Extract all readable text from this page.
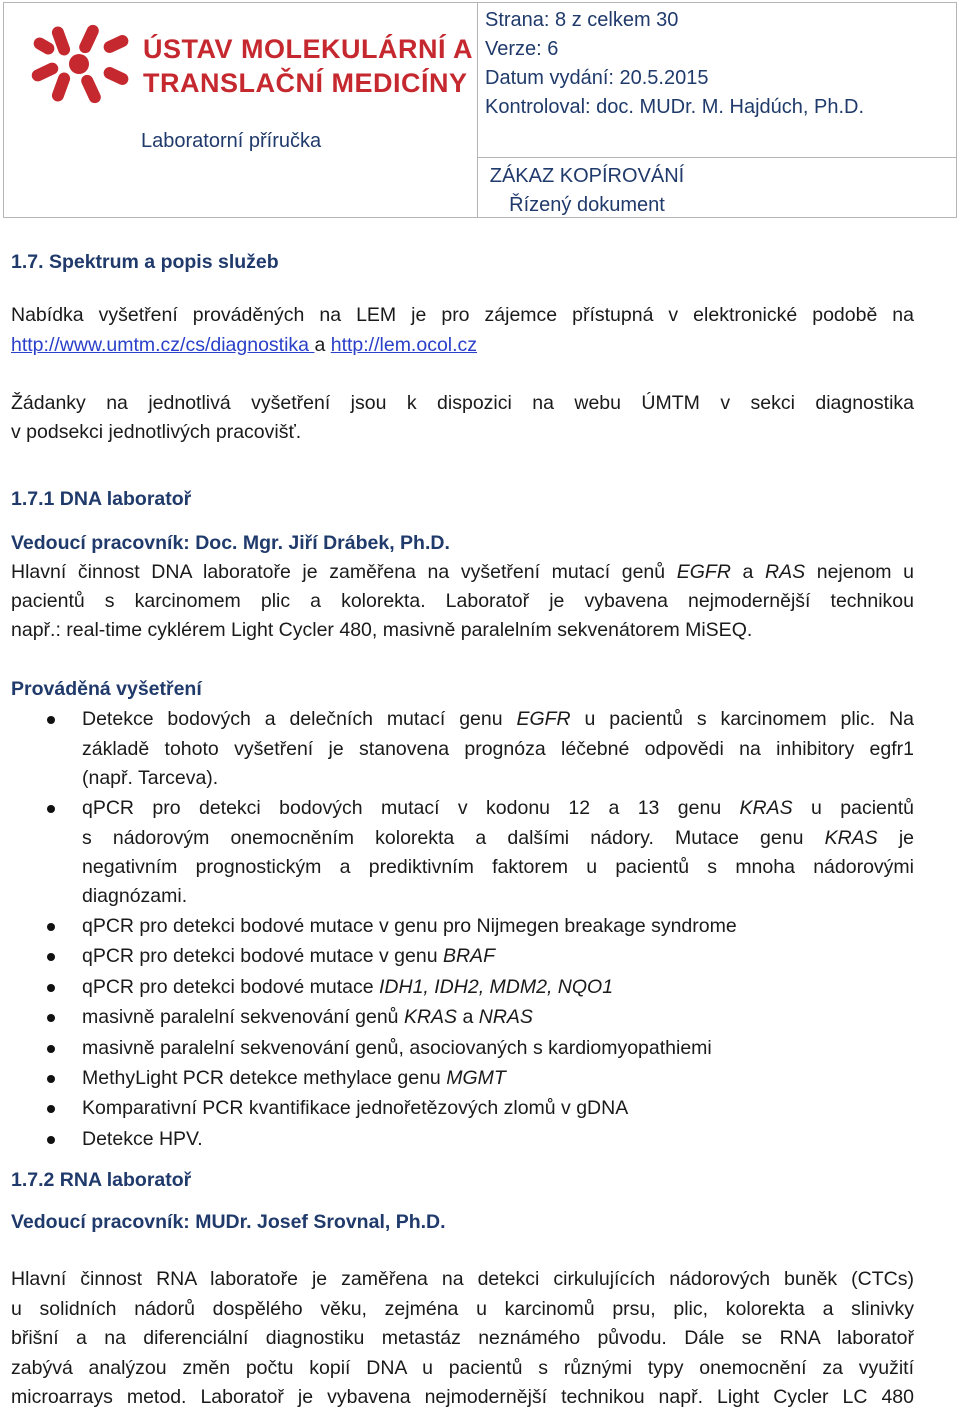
ÚSTAV MOLEKULÁRNÍ A
TRANSLAČNÍ MEDICÍNY
Laboratorní příručka
Strana: 8 z celkem 30
Verze: 6
Datum vydání: 20.5.2015
Kontroloval: doc. MUDr. M. Hajdúch, Ph.D.
ZÁKAZ KOPÍROVÁNÍ
Řízený dokument
1.7. Spektrum a popis služeb
Nabídka vyšetření prováděných na LEM je pro zájemce přístupná v elektronické podobě na
http://www.umtm.cz/cs/diagnostika a http://lem.ocol.cz
Žádanky na jednotlivá vyšetření jsou k dispozici na webu ÚMTM v sekci diagnostika
v podsekci jednotlivých pracovišť.
1.7.1 DNA laboratoř
Vedoucí pracovník: Doc. Mgr. Jiří Drábek, Ph.D.
Hlavní činnost DNA laboratoře je zaměřena na vyšetření mutací genů EGFR a RAS nejenom u
pacientů s karcinomem plic a kolorekta. Laboratoř je vybavena nejmodernější technikou
např.: real-time cyklérem Light Cycler 480, masivně paralelním sekvenátorem MiSEQ.
Prováděná vyšetření
Detekce bodových a delečních mutací genu EGFR u pacientů s karcinomem plic. Na
základě tohoto vyšetření je stanovena prognóza léčebné odpovědi na inhibitory egfr1
(např. Tarceva).
qPCR pro detekci bodových mutací v kodonu 12 a 13 genu KRAS u pacientů
s nádorovým onemocněním kolorekta a dalšími nádory. Mutace genu KRAS je
negativním prognostickým a prediktivním faktorem u pacientů s mnoha nádorovými
diagnózami.
qPCR pro detekci bodové mutace v genu pro Nijmegen breakage syndrome
qPCR pro detekci bodové mutace v genu BRAF
qPCR pro detekci bodové mutace IDH1, IDH2, MDM2, NQO1
masivně paralelní sekvenování genů KRAS a NRAS
masivně paralelní sekvenování genů, asociovaných s kardiomyopathiemi
MethyLight PCR detekce methylace genu MGMT
Komparativní PCR kvantifikace jednořetězových zlomů v gDNA
Detekce HPV.
1.7.2 RNA laboratoř
Vedoucí pracovník: MUDr. Josef Srovnal, Ph.D.
Hlavní činnost RNA laboratoře je zaměřena na detekci cirkulujících nádorových buněk (CTCs)
u solidních nádorů dospělého věku, zejména u karcinomů prsu, plic, kolorekta a slinivky
břišní a na diferenciální diagnostiku metastáz neznámého původu. Dále se RNA laboratoř
zabývá analýzou změn počtu kopií DNA u pacientů s různými typy onemocnění za využití
microarrays metod. Laboratoř je vybavena nejmodernější technikou např. Light Cycler LC 480
